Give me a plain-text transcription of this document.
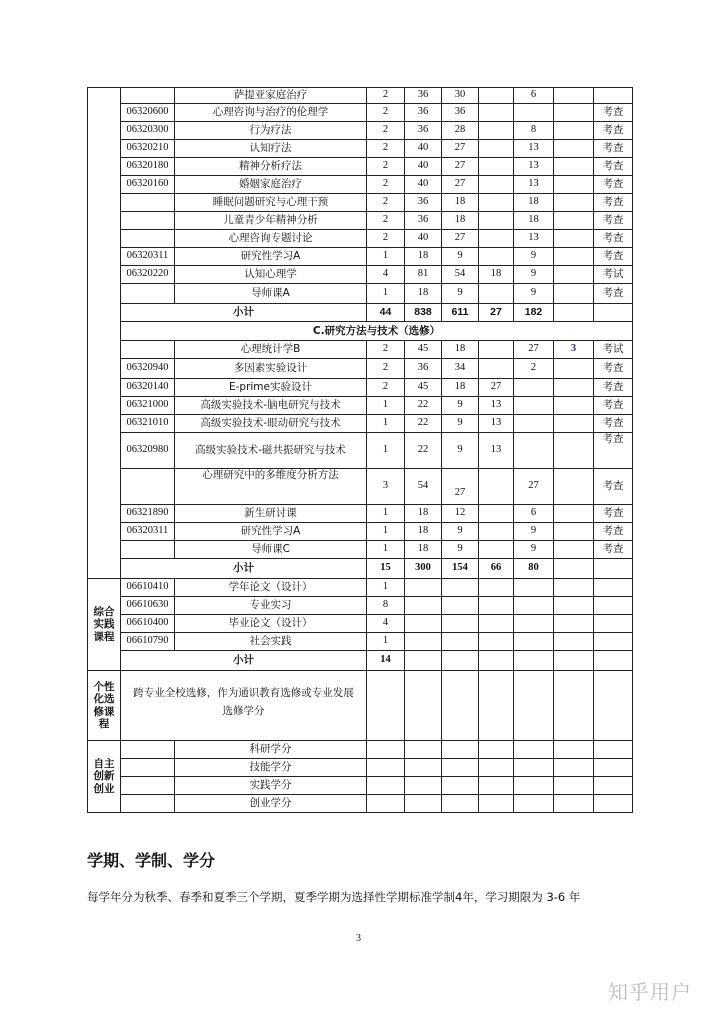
		萨提亚家庭治疗	2	36	30		6		
	06320600	心理咨询与治疗的伦理学	2	36	36				考查
	06320300	行为疗法	2	36	28		8		考查
	06320210	认知疗法	2	40	27		13		考查
	06320180	精神分析疗法	2	40	27		13		考查
	06320160	婚姻家庭治疗	2	40	27		13		考查
		睡眠问题研究与心理干预	2	36	18		18		考查
		儿童青少年精神分析	2	36	18		18		考查
		心理咨询专题讨论	2	40	27		13		考查
	06320311	研究性学习A	1	18	9		9		考查
	06320220	认知心理学	4	81	54	18	9		考试
		导师课A	1	18	9		9		考查
	小计		44	838	611	27	182		
	C.研究方法与技术（选修）								
		心理统计学B	2	45	18		27	3	考试
	06320940	多因素实验设计	2	36	34		2		考查
	06320140	E-prime实验设计	2	45	18	27			考查
	06321000	高级实验技术-脑电研究与技术	1	22	9	13			考查
	06321010	高级实验技术-眼动研究与技术	1	22	9	13			考查
	06320980	高级实验技术-磁共振研究与技术	1	22	9	13			考查
		心理研究中的多维度分析方法	3	54	27		27		考查
	06321890	新生研讨课	1	18	12		6		考查
	06320311	研究性学习A	1	18	9		9		考查
		导师课C	1	18	9		9		考查
	小计		15	300	154	66	80		
综合实践课程	06610410	学年论文（设计）	1						
	06610630	专业实习	8						
	06610400	毕业论文（设计）	4						
	06610790	社会实践	1						
	小计		14						
个性化选修课程	跨专业全校选修，作为通识教育选修或专业发展选修学分								
自主创新创业		科研学分							
		技能学分							
		实践学分							
		创业学分							
学期、学制、学分
每学年分为秋季、春季和夏季三个学期，夏季学期为选择性学期标准学制4年，学习期限为 3-6 年
3
知乎用户
